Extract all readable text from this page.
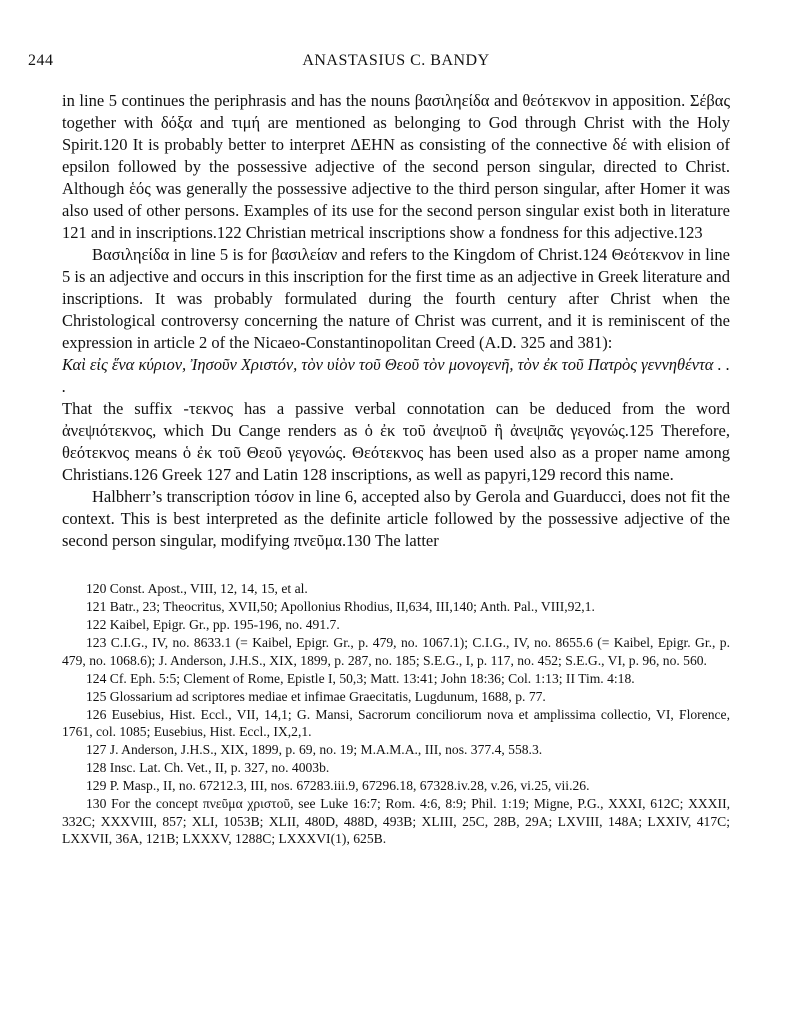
244	ANASTASIUS C. BANDY

in line 5 continues the periphrasis and has the nouns βασιληείδα and θεότεκνον in apposition. Σέβας together with δόξα and τιμή are mentioned as belonging to God through Christ with the Holy Spirit.120 It is probably better to interpret ΔΕΗΝ as consisting of the connective δέ with elision of epsilon followed by the possessive adjective of the second person singular, directed to Christ. Although ἑός was generally the possessive adjective to the third person singular, after Homer it was also used of other persons. Examples of its use for the second person singular exist both in literature 121 and in inscriptions.122 Christian metrical inscriptions show a fondness for this adjective.123

Βασιληείδα in line 5 is for βασιλείαν and refers to the Kingdom of Christ.124 Θεότεκνον in line 5 is an adjective and occurs in this inscription for the first time as an adjective in Greek literature and inscriptions. It was probably formulated during the fourth century after Christ when the Christological controversy concerning the nature of Christ was current, and it is reminiscent of the expression in article 2 of the Nicaeo-Constantinopolitan Creed (A.D. 325 and 381):

Καὶ εἰς ἕνα κύριον, Ἰησοῦν Χριστόν, τὸν υἱὸν τοῦ Θεοῦ τὸν μονογενῆ, τὸν ἐκ τοῦ Πατρὸς γεννηθέντα . . .

That the suffix -τεκνος has a passive verbal connotation can be deduced from the word ἀνεψιότεκνος, which Du Cange renders as ὁ ἐκ τοῦ ἀνεψιοῦ ἢ ἀνεψιᾶς γεγονώς.125 Therefore, θεότεκνος means ὁ ἐκ τοῦ Θεοῦ γεγονώς. Θεότεκνος has been used also as a proper name among Christians.126 Greek 127 and Latin 128 inscriptions, as well as papyri,129 record this name.

Halbherr’s transcription τόσον in line 6, accepted also by Gerola and Guarducci, does not fit the context. This is best interpreted as the definite article followed by the possessive adjective of the second person singular, modifying πνεῦμα.130 The latter

120 Const. Apost., VIII, 12, 14, 15, et al.

121 Batr., 23; Theocritus, XVII,50; Apollonius Rhodius, II,634, III,140; Anth. Pal., VIII,92,1.

122 Kaibel, Epigr. Gr., pp. 195-196, no. 491.7.

123 C.I.G., IV, no. 8633.1 (= Kaibel, Epigr. Gr., p. 479, no. 1067.1); C.I.G., IV, no. 8655.6 (= Kaibel, Epigr. Gr., p. 479, no. 1068.6); J. Anderson, J.H.S., XIX, 1899, p. 287, no. 185; S.E.G., I, p. 117, no. 452; S.E.G., VI, p. 96, no. 560.

124 Cf. Eph. 5:5; Clement of Rome, Epistle I, 50,3; Matt. 13:41; John 18:36; Col. 1:13; II Tim. 4:18.

125 Glossarium ad scriptores mediae et infimae Graecitatis, Lugdunum, 1688, p. 77.

126 Eusebius, Hist. Eccl., VII, 14,1; G. Mansi, Sacrorum conciliorum nova et amplissima collectio, VI, Florence, 1761, col. 1085; Eusebius, Hist. Eccl., IX,2,1.

127 J. Anderson, J.H.S., XIX, 1899, p. 69, no. 19; M.A.M.A., III, nos. 377.4, 558.3.

128 Insc. Lat. Ch. Vet., II, p. 327, no. 4003b.

129 P. Masp., II, no. 67212.3, III, nos. 67283.iii.9, 67296.18, 67328.iv.28, v.26, vi.25, vii.26.

130 For the concept πνεῦμα χριστοῦ, see Luke 16:7; Rom. 4:6, 8:9; Phil. 1:19; Migne, P.G., XXXI, 612C; XXXII, 332C; XXXVIII, 857; XLI, 1053B; XLII, 480D, 488D, 493B; XLIII, 25C, 28B, 29A; LXVIII, 148A; LXXIV, 417C; LXXVII, 36A, 121B; LXXXV, 1288C; LXXXVI(1), 625B.
